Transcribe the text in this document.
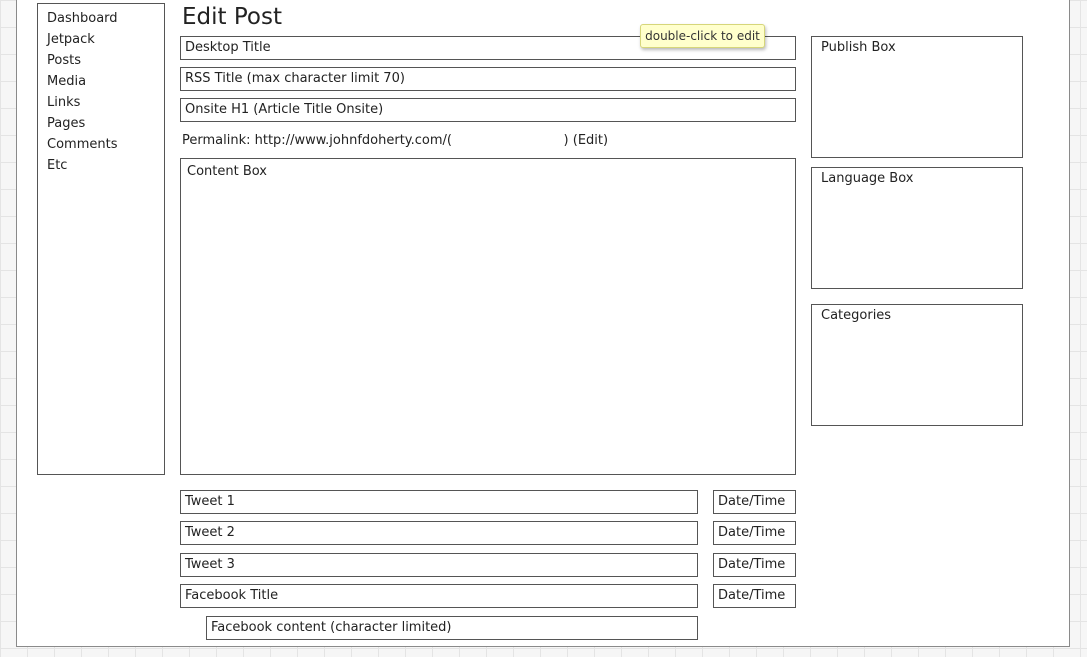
Dashboard
Jetpack
Posts
Media
Links
Pages
Comments
Etc
Edit Post
Desktop Title
RSS Title (max character limit 70)
Onsite H1 (Article Title Onsite)
Permalink: http://www.johnfdoherty.com/(                           ) (Edit)
Content Box
Tweet 1	Date/Time
Tweet 2	Date/Time
Tweet 3	Date/Time
Facebook Title	Date/Time
Facebook content (character limited)
Publish Box
Language Box
Categories
double-click to edit
